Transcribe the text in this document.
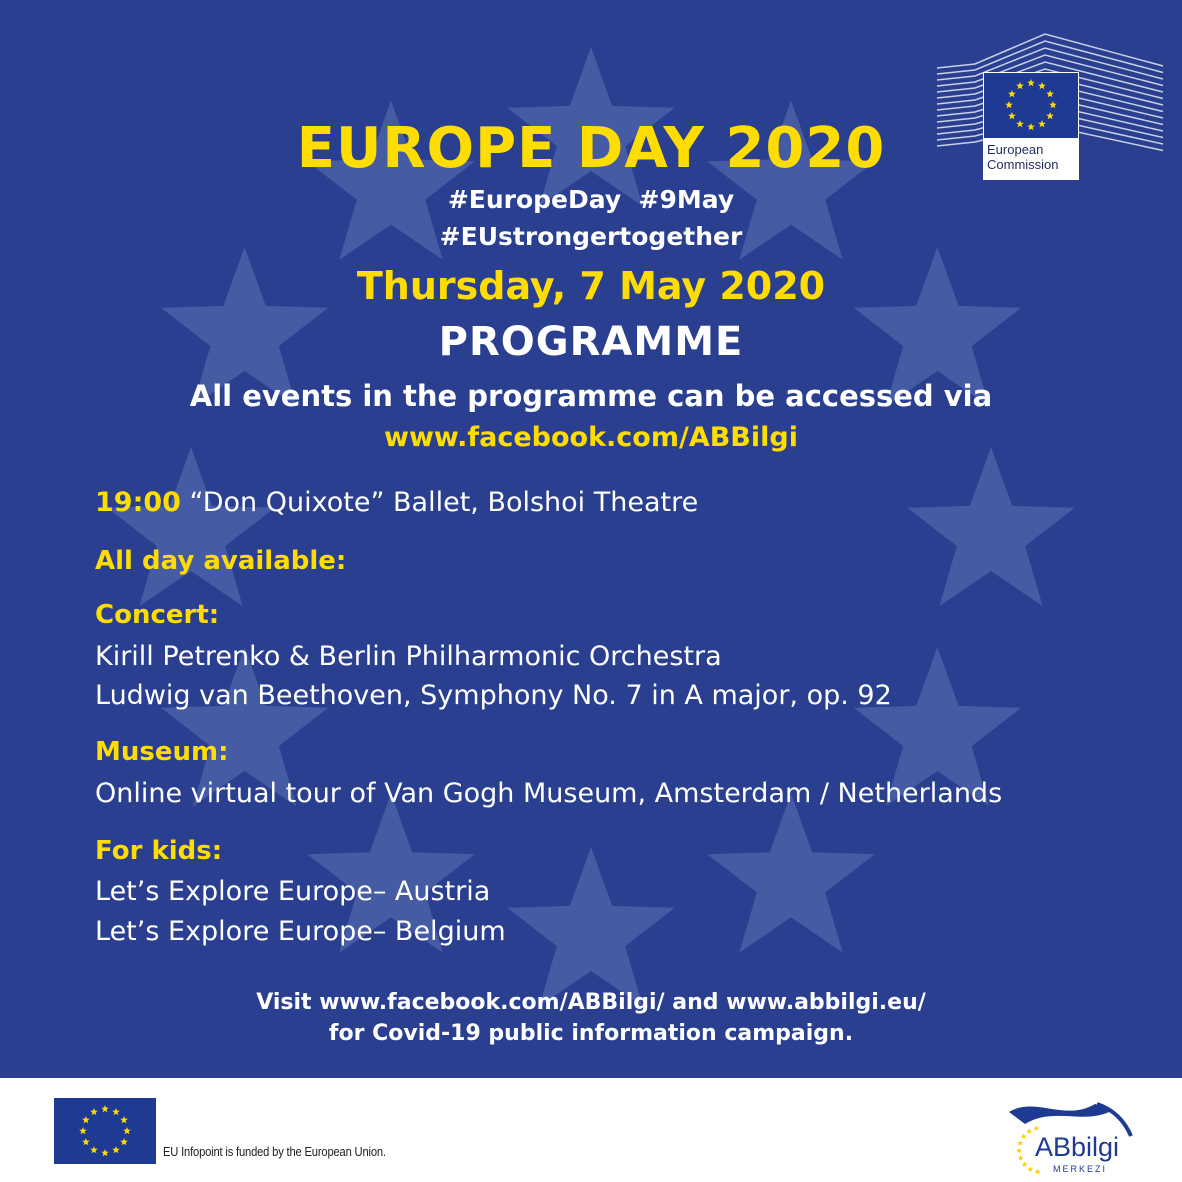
European
Commission
EUROPE DAY 2020
#EuropeDay  #9May
#EUstrongertogether
Thursday, 7 May 2020
PROGRAMME
All events in the programme can be accessed via
www.facebook.com/ABBilgi
19:00 “Don Quixote” Ballet, Bolshoi Theatre
All day available:
Concert:
Kirill Petrenko & Berlin Philharmonic Orchestra
Ludwig van Beethoven, Symphony No. 7 in A major, op. 92
Museum:
Online virtual tour of Van Gogh Museum, Amsterdam / Netherlands
For kids:
Let’s Explore Europe– Austria
Let’s Explore Europe– Belgium
Visit www.facebook.com/ABBilgi/ and www.abbilgi.eu/
for Covid-19 public information campaign.
EU Infopoint is funded by the European Union.	ABbilgi
MERKEZI
